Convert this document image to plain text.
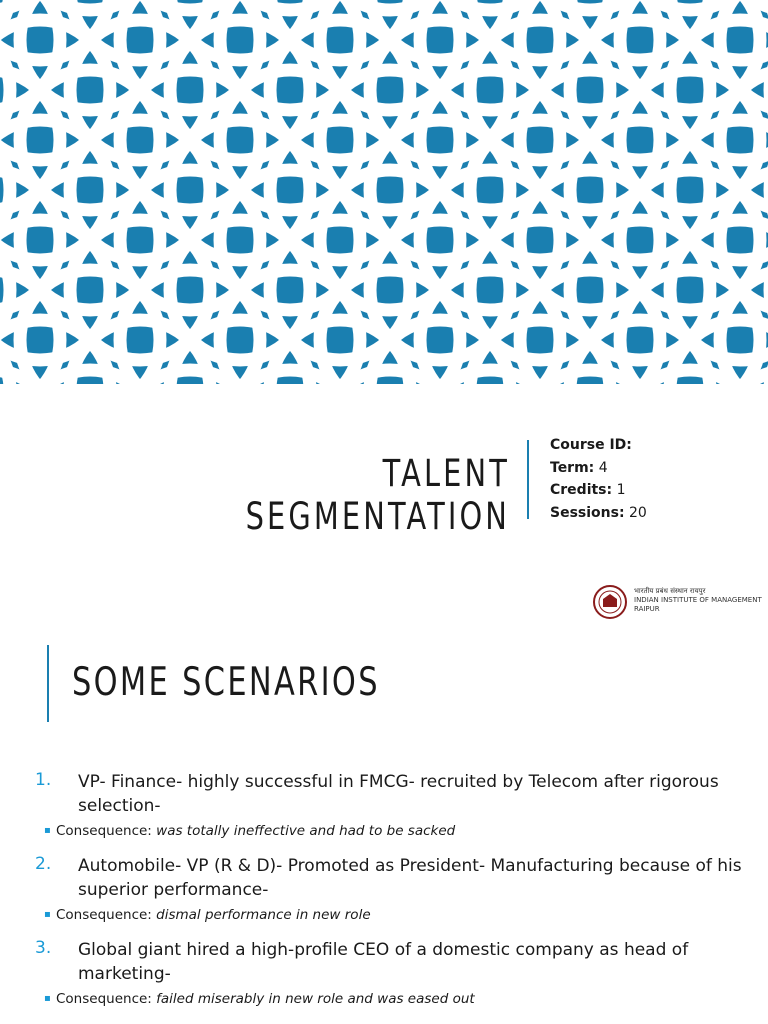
TALENT SEGMENTATION
Course ID:
Term: 4
Credits: 1
Sessions: 20
भारतीय प्रबंध संस्थान रायपुर
INDIAN INSTITUTE OF MANAGEMENT
RAIPUR
SOME SCENARIOS
1. VP- Finance- highly successful in FMCG- recruited by Telecom after rigorous selection-
▪ Consequence: was totally ineffective and had to be sacked
2. Automobile- VP (R & D)- Promoted as President- Manufacturing because of his superior performance-
▪ Consequence: dismal performance in new role
3. Global giant hired a high-profile CEO of a domestic company as head of marketing-
▪ Consequence: failed miserably in new role and was eased out
